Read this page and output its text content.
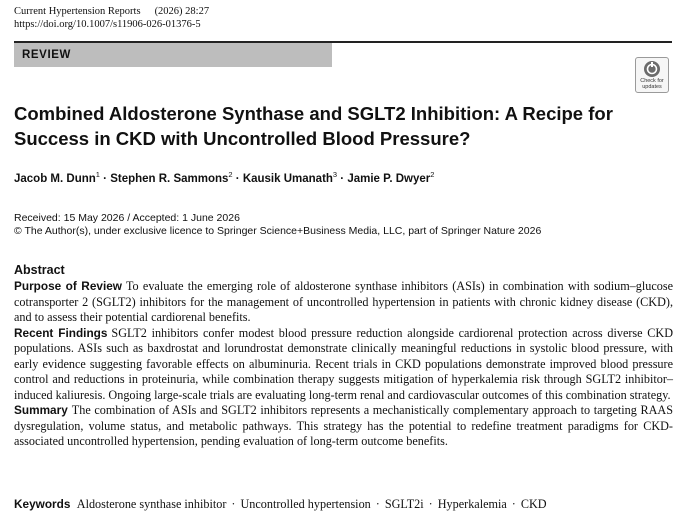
Current Hypertension Reports (2026) 28:27
https://doi.org/10.1007/s11906-026-01376-5
REVIEW
Check for
updates
Combined Aldosterone Synthase and SGLT2 Inhibition: A Recipe for Success in CKD with Uncontrolled Blood Pressure?
Jacob M. Dunn$^1$ · Stephen R. Sammons$^2$ · Kausik Umanath$^3$ · Jamie P. Dwyer$^2$
Received: 15 May 2026 / Accepted: 1 June 2026
© The Author(s), under exclusive licence to Springer Science+Business Media, LLC, part of Springer Nature 2026
Abstract

Purpose of Review To evaluate the emerging role of aldosterone synthase inhibitors (ASIs) in combination with sodium–glucose cotransporter 2 (SGLT2) inhibitors for the management of uncontrolled hypertension in patients with chronic kidney disease (CKD), and to assess their potential cardiorenal benefits.

Recent Findings SGLT2 inhibitors confer modest blood pressure reduction alongside cardiorenal protection across diverse CKD populations. ASIs such as baxdrostat and lorundrostat demonstrate clinically meaningful reductions in systolic blood pressure, with early evidence suggesting favorable effects on albuminuria. Recent trials in CKD populations demonstrate improved blood pressure control and reductions in proteinuria, while combination therapy suggests mitigation of hyperkalemia risk through SGLT2 inhibitor–induced kaliuresis. Ongoing large-scale trials are evaluating long-term renal and cardiovascular outcomes of this combination strategy.

Summary The combination of ASIs and SGLT2 inhibitors represents a mechanistically complementary approach to targeting RAAS dysregulation, volume status, and metabolic pathways. This strategy has the potential to redefine treatment paradigms for CKD-associated uncontrolled hypertension, pending evaluation of long-term outcome benefits.

Keywords Aldosterone synthase inhibitor · Uncontrolled hypertension · SGLT2i · Hyperkalemia · CKD
